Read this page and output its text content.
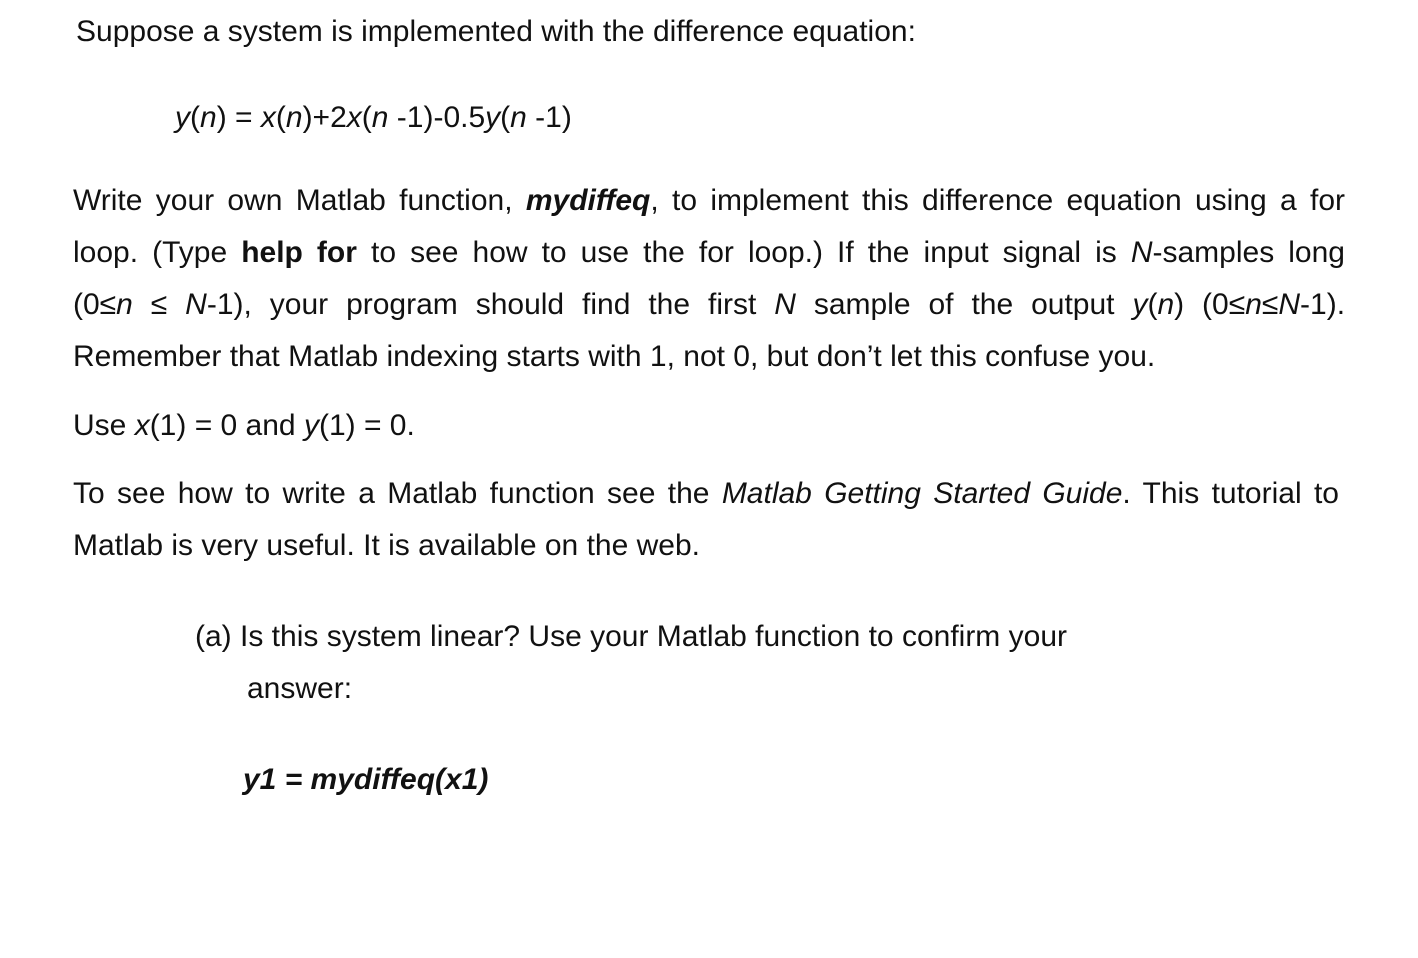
Suppose a system is implemented with the difference equation:
y(n) = x(n)+2x(n -1)-0.5y(n -1)
Write your own Matlab function, mydiffeq, to implement this difference equation using a for
loop. (Type help for to see how to use the for loop.) If the input signal is N-samples long
(0≤n ≤ N-1), your program should find the first N sample of the output y(n) (0≤n≤N-1).
Remember that Matlab indexing starts with 1, not 0, but don’t let this confuse you.
Use x(1) = 0 and y(1) = 0.
To see how to write a Matlab function see the Matlab Getting Started Guide. This tutorial to
Matlab is very useful. It is available on the web.
(a) Is this system linear? Use your Matlab function to confirm your
answer:
y1 = mydiffeq(x1)
